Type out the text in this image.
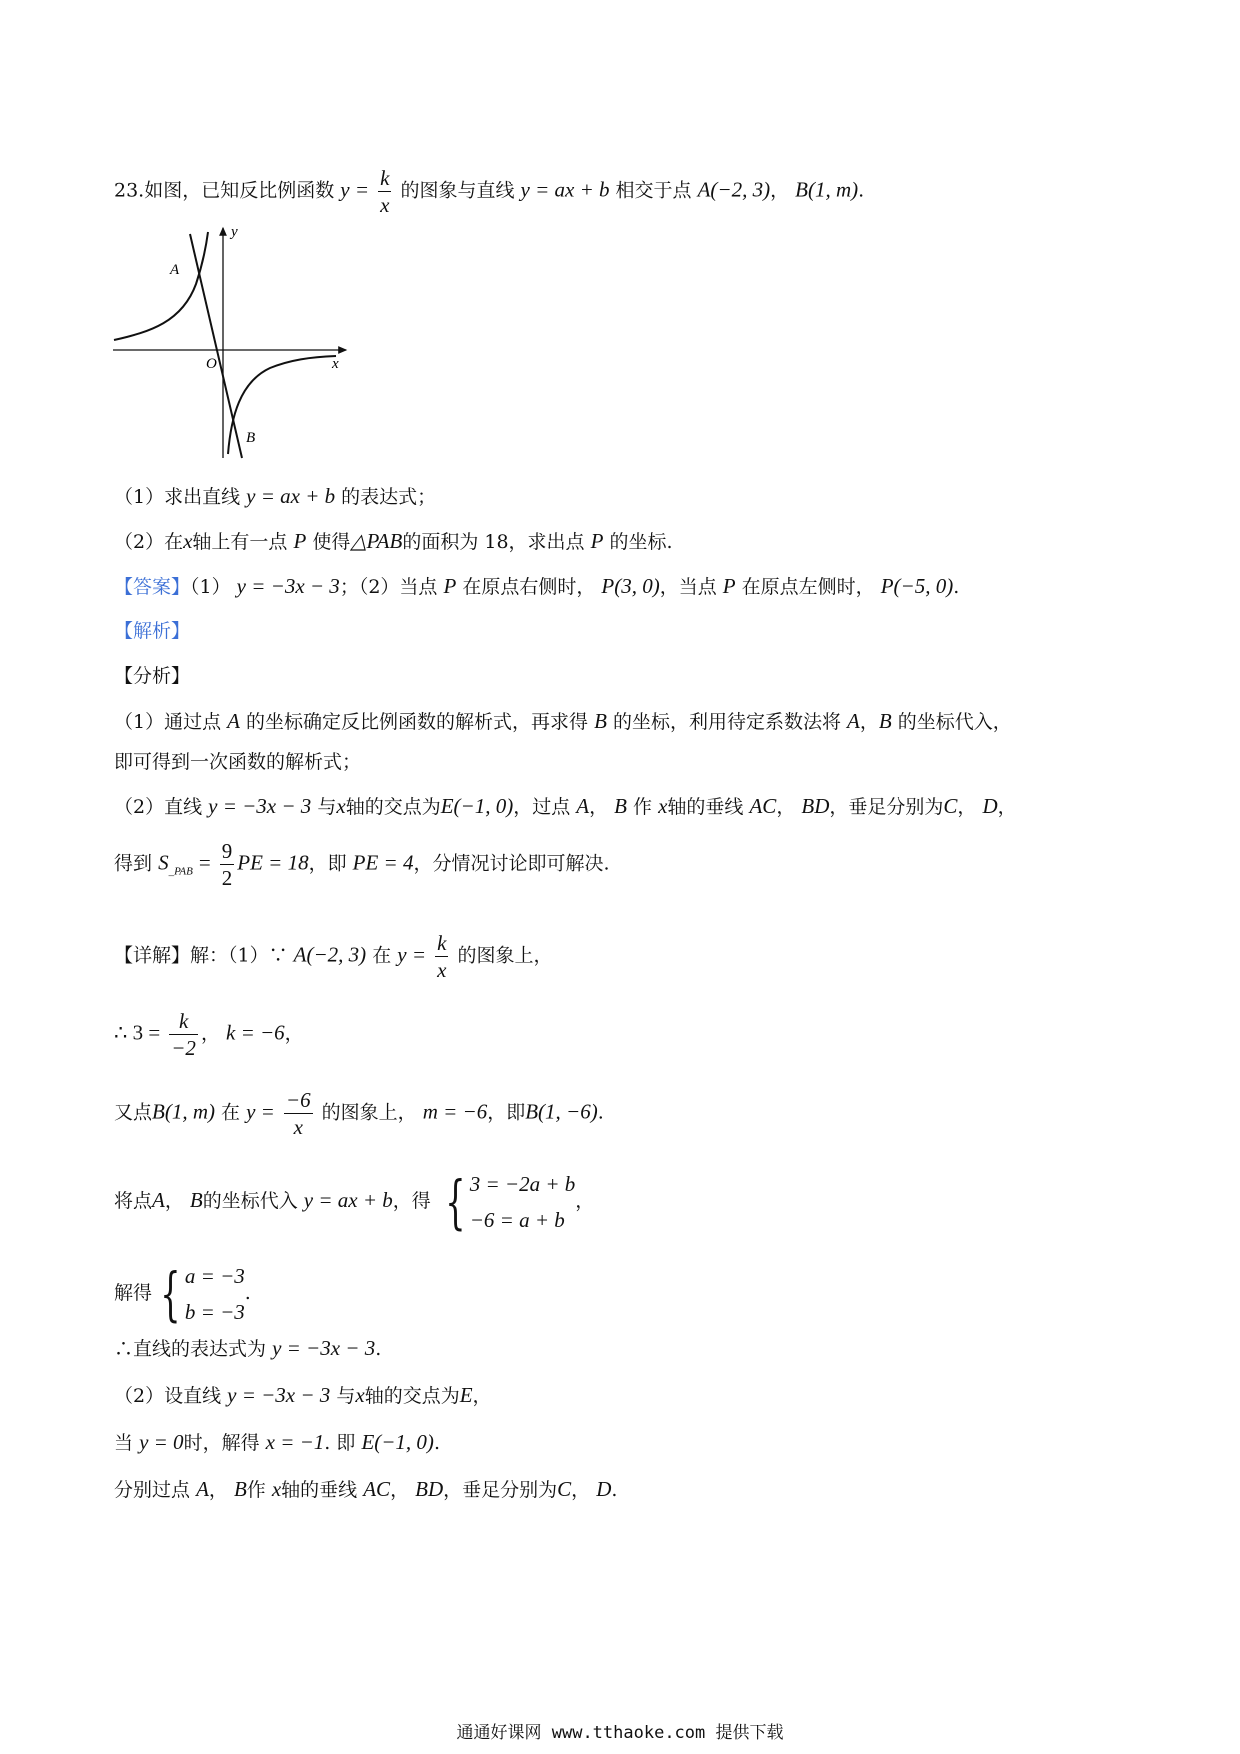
23.如图，已知反比例函数 $y = \frac{k}{x}$ 的图象与直线 y = ax + b 相交于点 A(−2, 3)， B(1, m).
y
x
O
A
B
（1）求出直线 y = ax + b 的表达式；
（2）在x轴上有一点 P 使得△PAB的面积为 18，求出点 P 的坐标.
【答案】（1） y = −3x − 3；（2）当点 P 在原点右侧时， P(3, 0)，当点 P 在原点左侧时， P(−5, 0).
【解析】
【分析】
（1）通过点 A 的坐标确定反比例函数的解析式，再求得 B 的坐标，利用待定系数法将 A，B 的坐标代入，
即可得到一次函数的解析式；
（2）直线 y = −3x − 3 与x轴的交点为E(−1, 0)，过点 A， B 作 x轴的垂线 AC， BD，垂足分别为C， D，
得到 $S_{\_PAB} = \frac{9}{2}$ PE = 18，即 PE = 4，分情况讨论即可解决.
【详解】解：（1）∵ A(−2, 3) 在 $y = \frac{k}{x}$ 的图象上，
∴ $3 = \frac{k}{-2}$ ， k = −6，
又点B(1, m) 在 $y = \frac{-6}{x}$ 的图象上， m = −6，即B(1, −6).
将点A， B的坐标代入 y = ax + b，得 { 3 = −2a + b
−6 = a + b
，
解得 { a = −3
b = −3
.
∴直线的表达式为 y = −3x − 3.
（2）设直线 y = −3x − 3 与x轴的交点为E，
当 y = 0时，解得 x = −1. 即 E(−1, 0).
分别过点 A， B作 x轴的垂线 AC， BD，垂足分别为C， D.
通通好课网 www.tthaoke.com 提供下载
